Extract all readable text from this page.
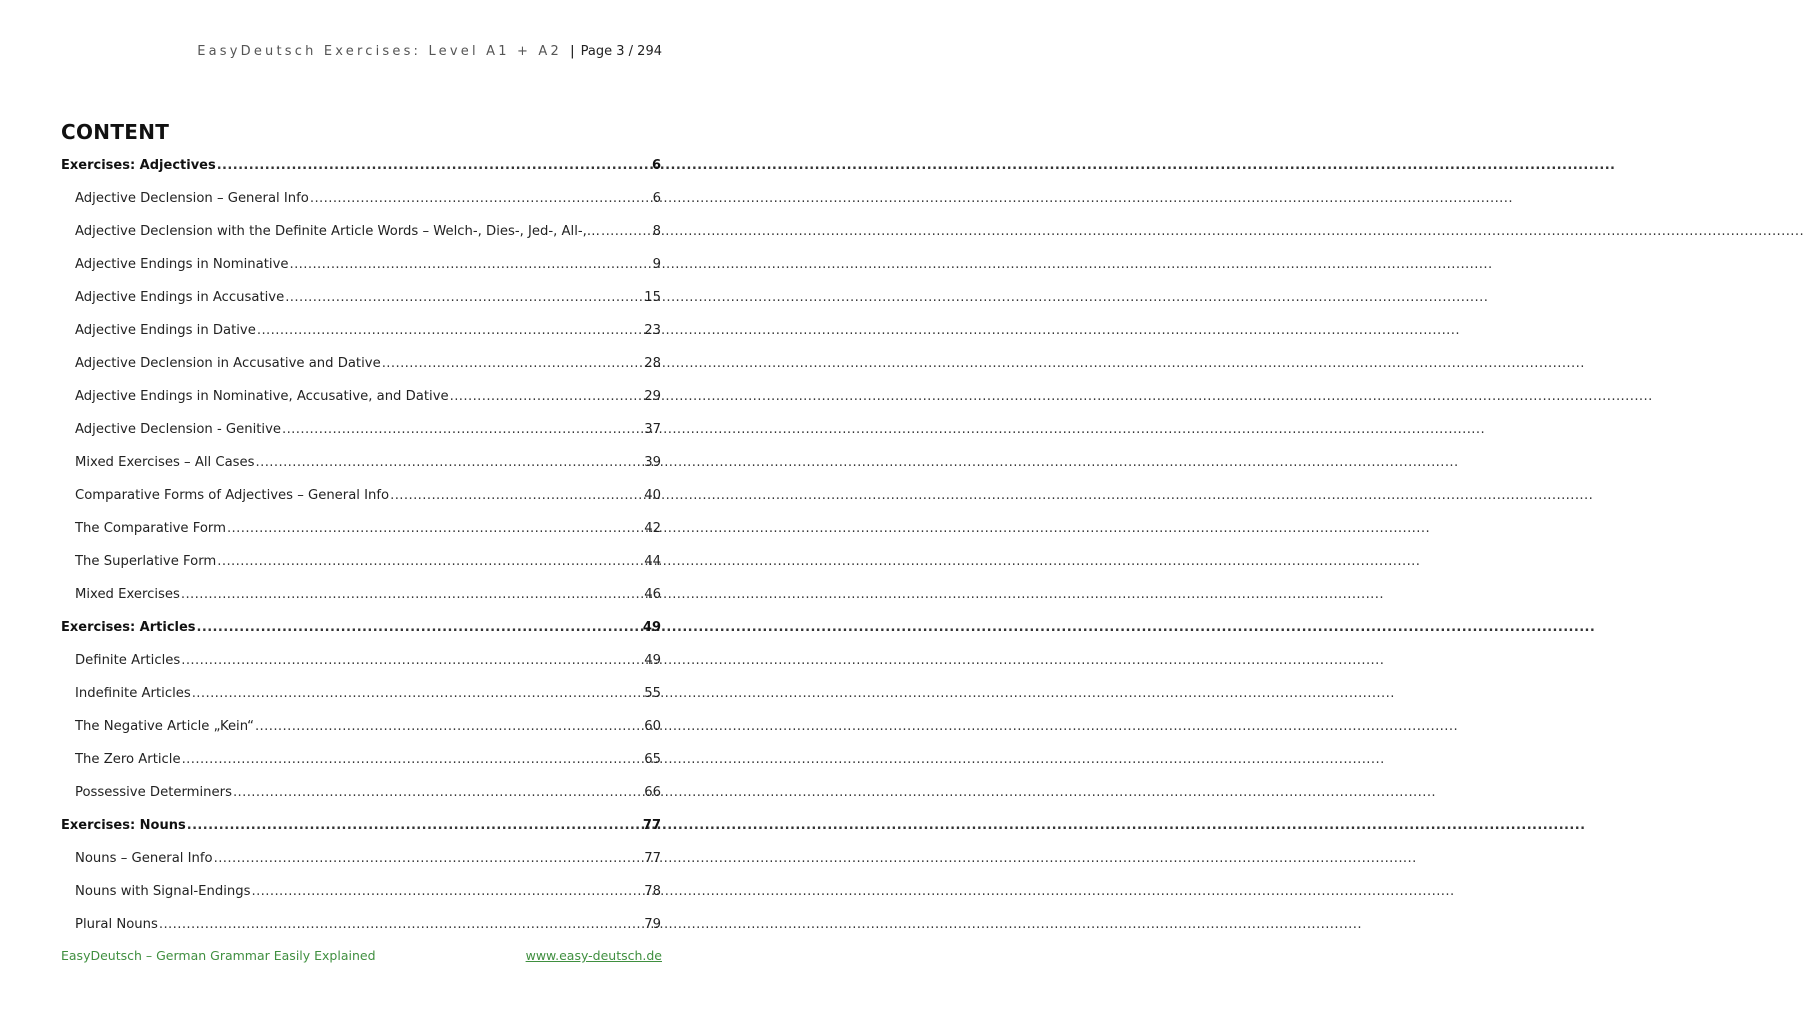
EasyDeutsch Exercises: Level A1 + A2 | Page 3 / 294
CONTENT
Exercises: Adjectives .....	6
Adjective Declension – General Info .....	6
Adjective Declension with the Definite Article Words – Welch-, Dies-, Jed-, All-,… .....	8
Adjective Endings in Nominative .....	9
Adjective Endings in Accusative .....	15
Adjective Endings in Dative .....	23
Adjective Declension in Accusative and Dative .....	28
Adjective Endings in Nominative, Accusative, and Dative .....	29
Adjective Declension - Genitive .....	37
Mixed Exercises – All Cases .....	39
Comparative Forms of Adjectives – General Info .....	40
The Comparative Form .....	42
The Superlative Form .....	44
Mixed Exercises .....	46
Exercises: Articles .....	49
Definite Articles .....	49
Indefinite Articles .....	55
The Negative Article „Kein“ .....	60
The Zero Article .....	65
Possessive Determiners .....	66
Exercises: Nouns .....	77
Nouns – General Info .....	77
Nouns with Signal-Endings .....	78
Plural Nouns .....	79
EasyDeutsch – German Grammar Easily Explained	www.easy-deutsch.de
